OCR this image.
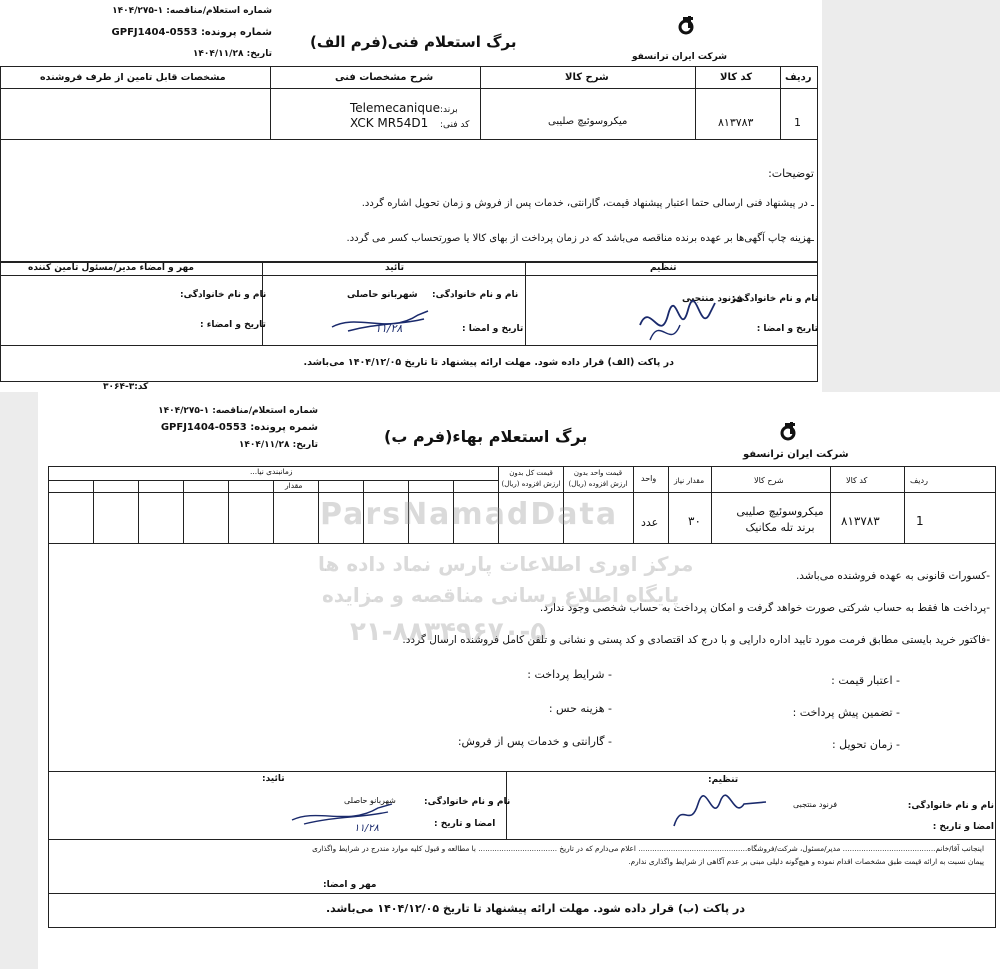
شماره استعلام/مناقصه: ۱-۱۴۰۴/۲۷۵
شماره پرونده: GPFJ1404-0553
تاریخ: ۱۴۰۴/۱۱/۲۸
برگ استعلام فنی(فرم الف)
شرکت ایران ترانسفو
ردیف
کد کالا
شرح کالا
شرح مشخصات فنی
مشخصات قابل تامین از طرف فروشنده
1
۸۱۳۷۸۳
میکروسوئیچ صلیبی
برند:
Telemecanique
کد فنی:
XCK MR54D1
توضیحات:
ـ در پیشنهاد فنی ارسالی حتما اعتبار پیشنهاد قیمت، گارانتی، خدمات پس از فروش و زمان تحویل اشاره گردد.
ـهزینه چاپ آگهی‌ها بر عهده برنده مناقصه می‌باشد که در زمان پرداخت از بهای کالا یا صورتحساب کسر می گردد.
تنظیم
تائید
مهر و امضاء مدیر/مسئول تامین کننده
نام و نام خانوادگی:
فرنود منتجبی
تاریخ و امضا :
نام و نام خانوادگی:
شهربانو حاصلی
تاریخ و امضا :
نام و نام خانوادگی:
تاریخ و امضاء :	۱۱/۲۸
در پاکت (الف) قرار داده شود. مهلت ارائه پیشنهاد تا تاریخ ۱۴۰۴/۱۲/۰۵ می‌باشد.
کد:۳-۳۰۶۴
شماره استعلام/مناقصه: ۱-۱۴۰۴/۲۷۵
شمره پرونده: GPFJ1404-0553
تاریخ: ۱۴۰۴/۱۱/۲۸	برگ استعلام بهاء(فرم ب)
شرکت ایران ترانسفو
ردیف
کد کالا
شرح کالا
مقدار نیاز
واحد
قیمت واحد بدون ارزش افزوده (ریال)
قیمت کل بدون ارزش افزوده (ریال)
زمانبندی نیا...
مقدار
1
۸۱۳۷۸۳
میکروسوئیچ صلیبی برند تله مکانیک
۳۰
عدد
-کسورات قانونی به عهده فروشنده می‌باشد.
-پرداخت ها فقط به حساب شرکتی صورت خواهد گرفت و امکان پرداخت به حساب شخصی وجود ندارد.
-فاکتور خرید بایستی مطابق فرمت مورد تایید اداره دارایی و با درج کد اقتصادی و کد پستی و نشانی و تلفن کامل فروشنده ارسال گردد.
- اعتبار قیمت :
- شرایط پرداخت :
- تضمین پیش پرداخت :
- هزینه حس :
- زمان تحویل :
- گارانتی و خدمات پس از فروش:
تنظیم:
تائید:
نام و نام خانوادگی:
فرنود منتجبی
امضا و تاریخ :
نام و نام خانوادگی:
شهربانو حاصلی
امضا و تاریخ :
۱۱/۲۸
اینجانب آقا/خانم........................................ مدیر/مسئول، شرکت/فروشگاه............................................... اعلام می‌دارم که در تاریخ .................................. با مطالعه و قبول کلیه موارد مندرج در شرایط واگذاری
پیمان نسبت به ارائه قیمت طبق مشخصات اقدام نموده و هیچ‌گونه دلیلی مبنی بر عدم آگاهی از شرایط واگذاری ندارم.
مهر و امضا:
در پاکت (ب) قرار داده شود. مهلت ارائه پیشنهاد تا تاریخ ۱۴۰۴/۱۲/۰۵ می‌باشد.
ParsNamadData
مرکز اوری اطلاعات پارس نماد داده ها
پایگاه اطلاع رسانی مناقصه و مزایده
۲۱-۸۸۳۴۹۶۷۰-۵
